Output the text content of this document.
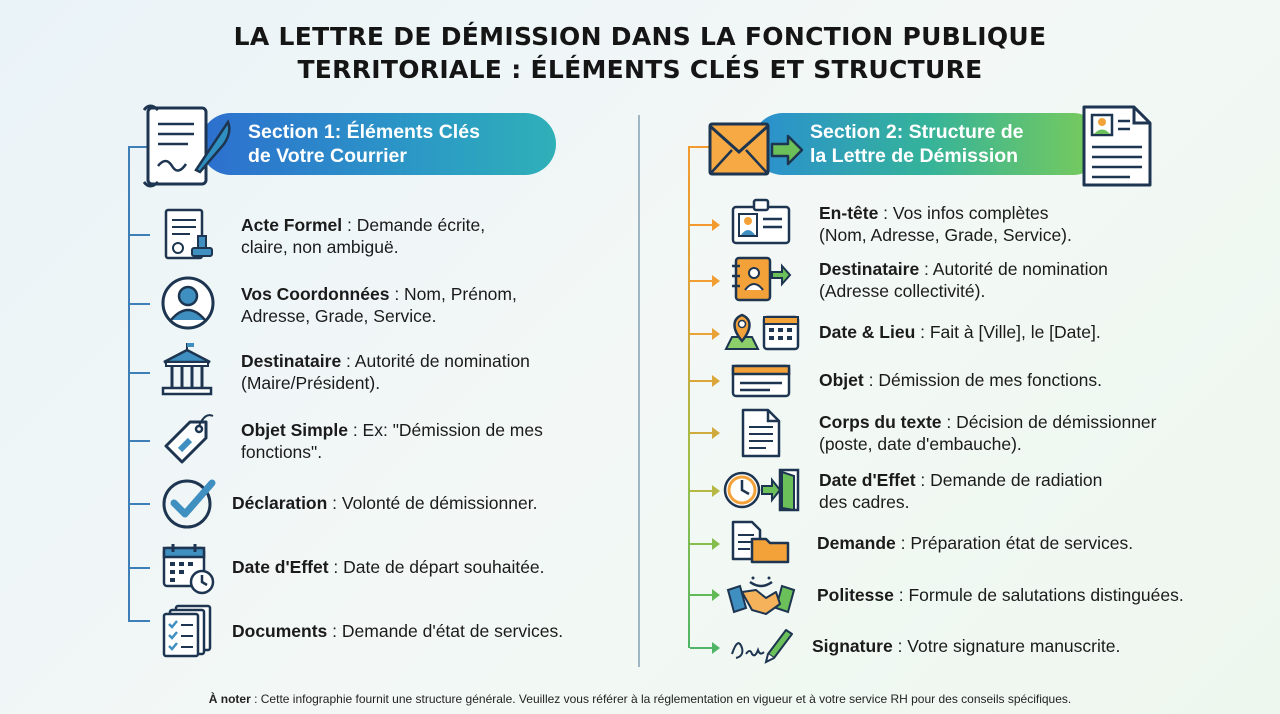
LA LETTRE DE DÉMISSION DANS LA FONCTION PUBLIQUE
TERRITORIALE : ÉLÉMENTS CLÉS ET STRUCTURE
Section 1: Éléments Clés
de Votre Courrier
Acte Formel : Demande écrite,
claire, non ambiguë.
Vos Coordonnées : Nom, Prénom,
Adresse, Grade, Service.
Destinataire : Autorité de nomination
(Maire/Président).
Objet Simple : Ex: "Démission de mes
fonctions".
Déclaration : Volonté de démissionner.
Date d'Effet : Date de départ souhaitée.
Documents : Demande d'état de services.
Section 2: Structure de
la Lettre de Démission
En-tête : Vos infos complètes
(Nom, Adresse, Grade, Service).
Destinataire : Autorité de nomination
(Adresse collectivité).
Date & Lieu : Fait à [Ville], le [Date].
Objet : Démission de mes fonctions.
Corps du texte : Décision de démissionner
(poste, date d'embauche).
Date d'Effet : Demande de radiation
des cadres.
Demande : Préparation état de services.
Politesse : Formule de salutations distinguées.
Signature : Votre signature manuscrite.
À noter : Cette infographie fournit une structure générale. Veuillez vous référer à la réglementation en vigueur et à votre service RH pour des conseils spécifiques.
